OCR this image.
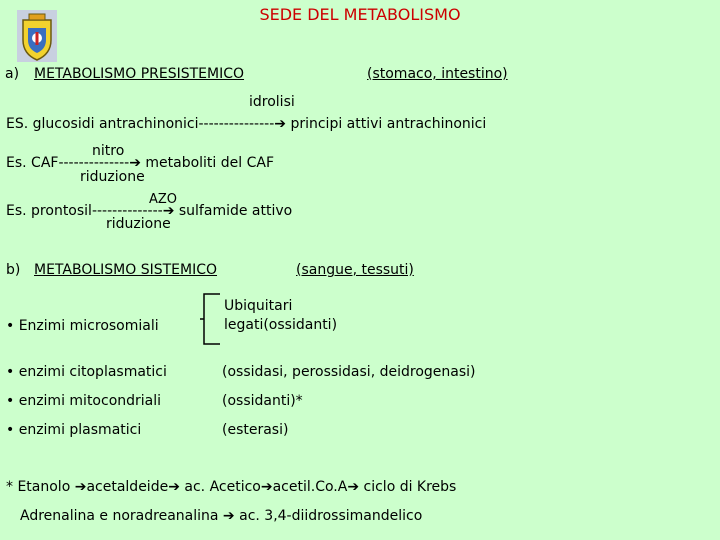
SEDE DEL METABOLISMO
a) METABOLISMO PRESISTEMICO	(stomaco, intestino)
idrolisi
ES. glucosidi antrachinonici---------------➔ principi attivi antrachinonici
nitro
Es. CAF--------------➔ metaboliti del CAF
riduzione
AZO
Es. prontosil--------------➔ sulfamide attivo
riduzione
b) METABOLISMO SISTEMICO	(sangue, tessuti)
• Enzimi microsomiali
Ubiquitari
legati(ossidanti)
• enzimi citoplasmatici	(ossidasi, perossidasi, deidrogenasi)
• enzimi mitocondriali	(ossidanti)*
• enzimi plasmatici	(esterasi)
* Etanolo ➔acetaldeide➔ ac. Acetico➔acetil.Co.A➔ ciclo di Krebs
Adrenalina e noradreanalina ➔ ac. 3,4-diidrossimandelico
